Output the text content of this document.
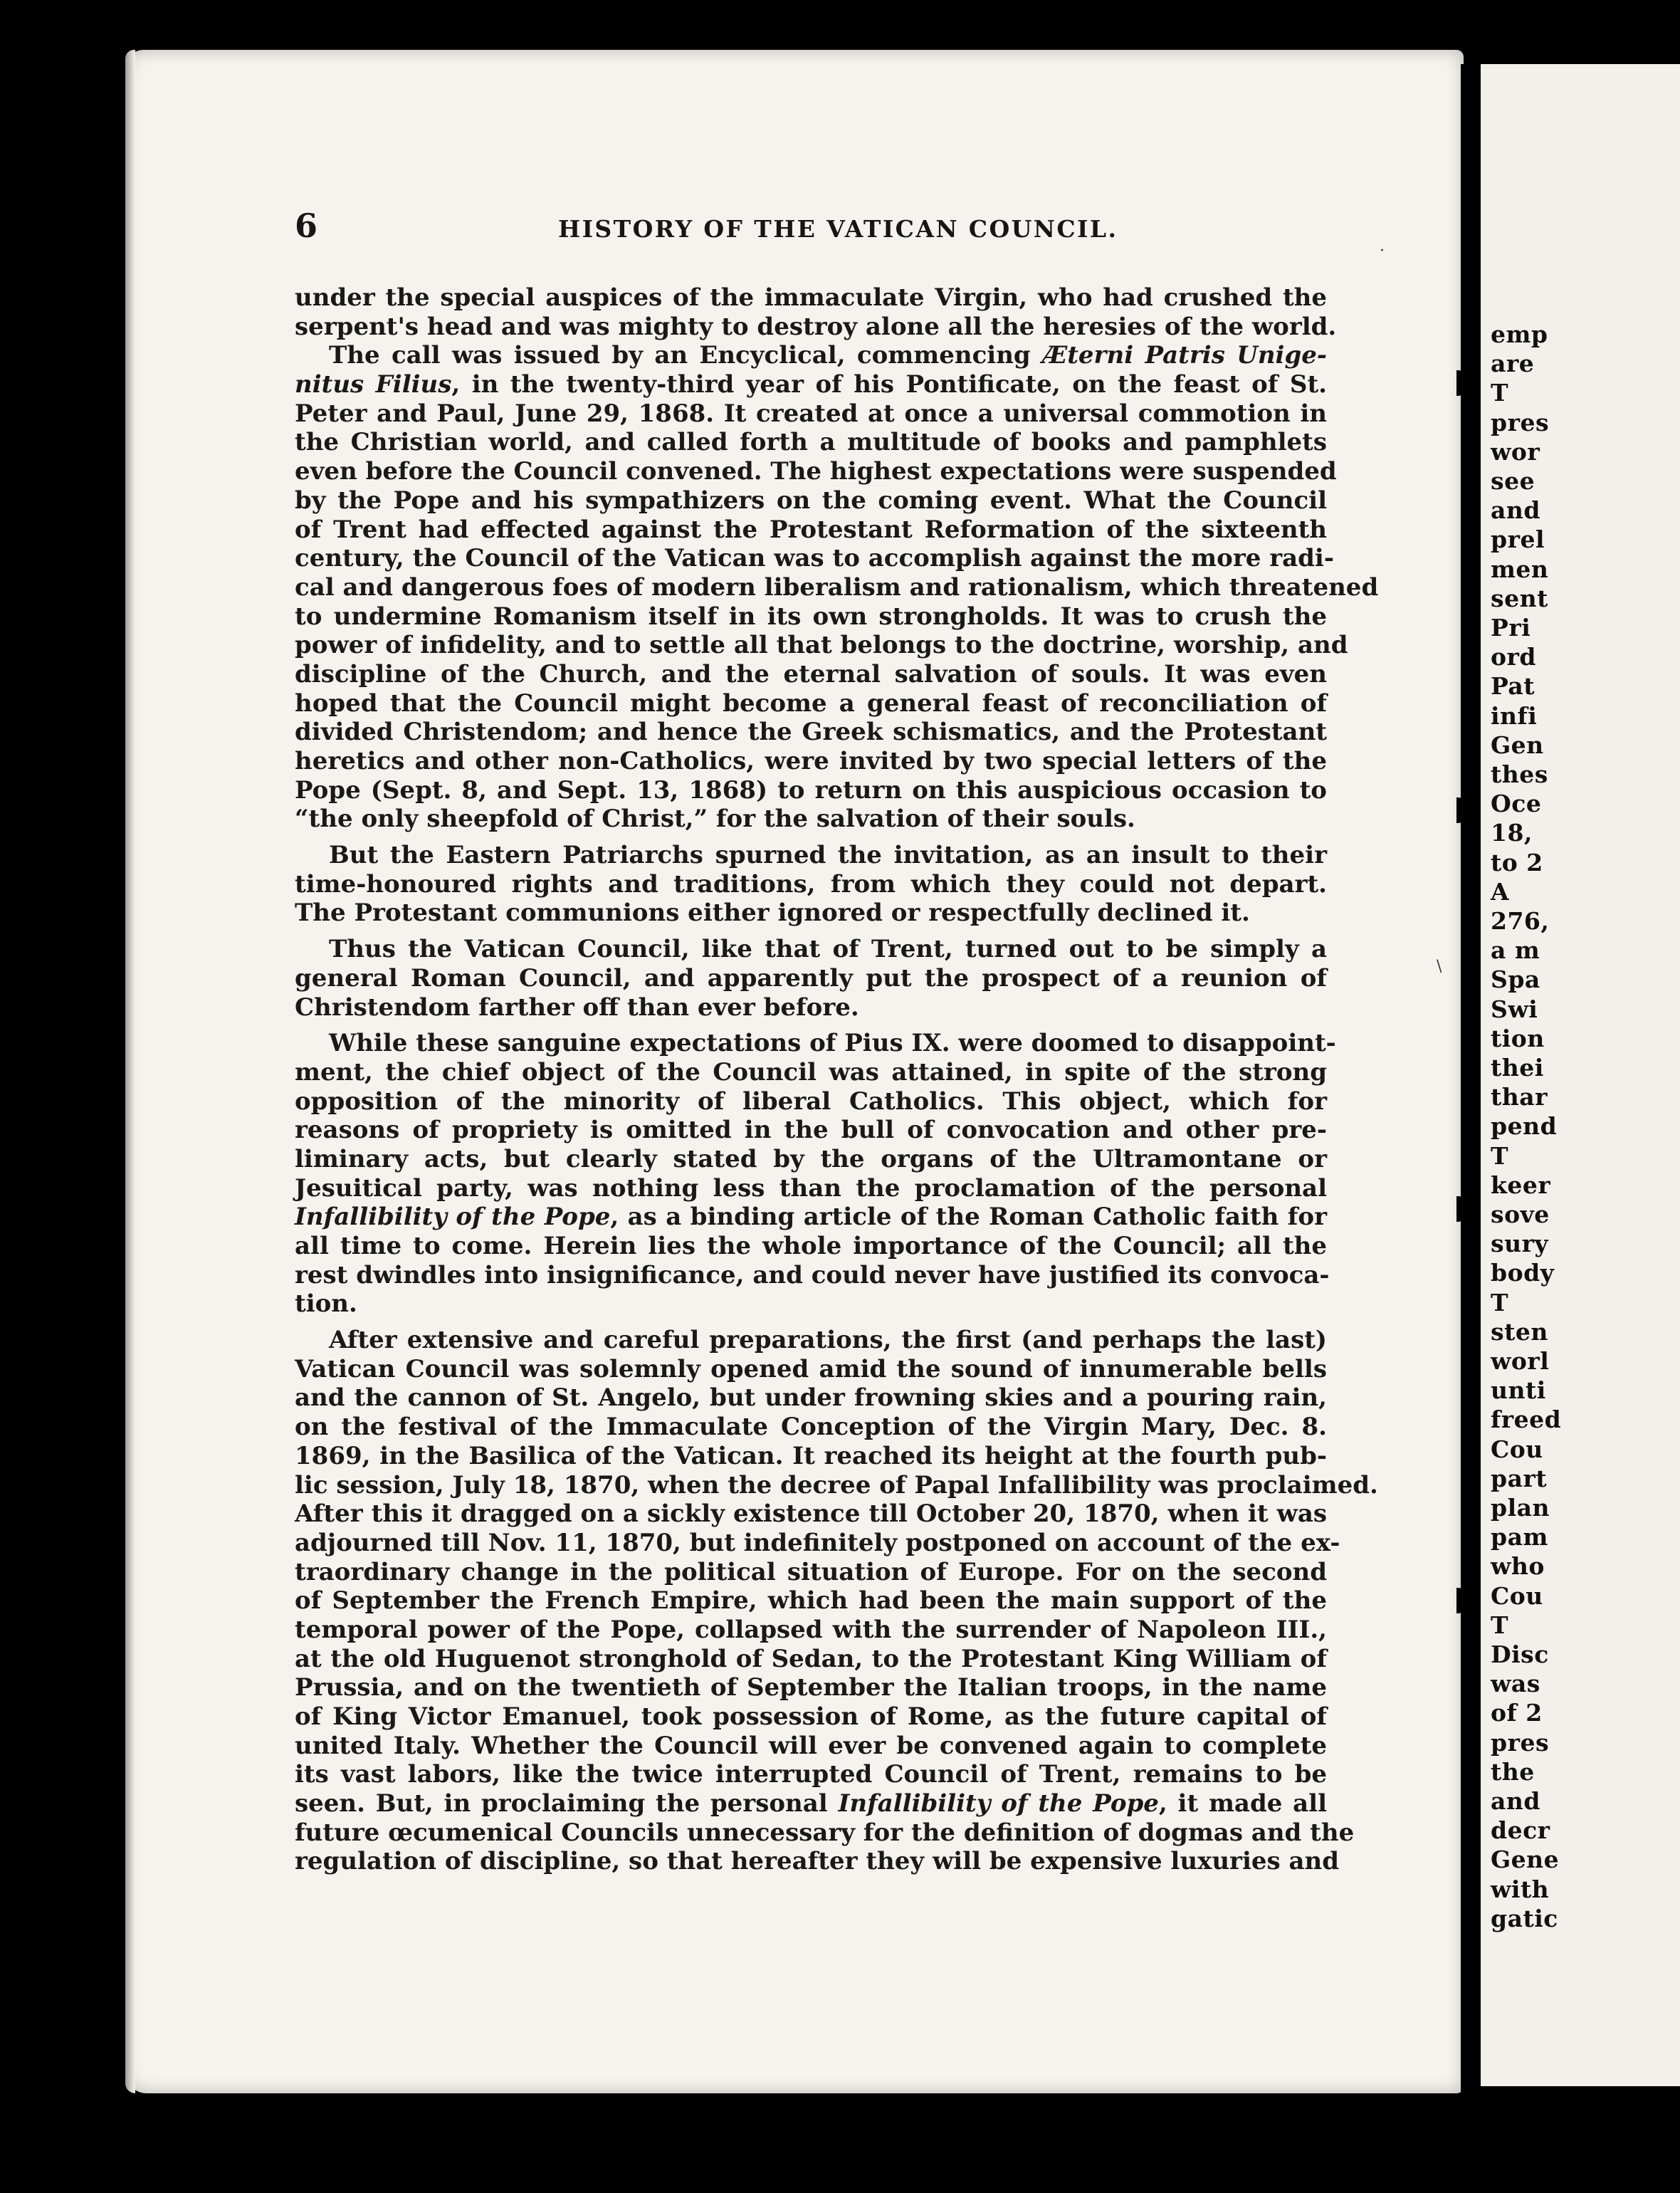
emp
are
T
pres
wor
see
and
prel
men
sent
Pri
ord
Pat
infi
Gen
thes
Oce
18,
to 2
A
276,
a m
Spa
Swi
tion
thei
thar
pend
T
keer
sove
sury
body
T
sten
worl
unti
freed
Cou
part
plan
pam
who
Cou
T
Disc
was
of 2
pres
the
and
decr
Gene
with
gatic
6	HISTORY OF THE VATICAN COUNCIL.
under the special auspices of the immaculate Virgin, who had crushed the
serpent's head and was mighty to destroy alone all the heresies of the world.
The call was issued by an Encyclical, commencing Æterni Patris Unige-
nitus Filius, in the twenty-third year of his Pontificate, on the feast of St.
Peter and Paul, June 29, 1868. It created at once a universal commotion in
the Christian world, and called forth a multitude of books and pamphlets
even before the Council convened. The highest expectations were suspended
by the Pope and his sympathizers on the coming event. What the Council
of Trent had effected against the Protestant Reformation of the sixteenth
century, the Council of the Vatican was to accomplish against the more radi-
cal and dangerous foes of modern liberalism and rationalism, which threatened
to undermine Romanism itself in its own strongholds. It was to crush the
power of infidelity, and to settle all that belongs to the doctrine, worship, and
discipline of the Church, and the eternal salvation of souls. It was even
hoped that the Council might become a general feast of reconciliation of
divided Christendom; and hence the Greek schismatics, and the Protestant
heretics and other non-Catholics, were invited by two special letters of the
Pope (Sept. 8, and Sept. 13, 1868) to return on this auspicious occasion to
“the only sheepfold of Christ,” for the salvation of their souls.
But the Eastern Patriarchs spurned the invitation, as an insult to their
time-honoured rights and traditions, from which they could not depart.
The Protestant communions either ignored or respectfully declined it.
Thus the Vatican Council, like that of Trent, turned out to be simply a
general Roman Council, and apparently put the prospect of a reunion of
Christendom farther off than ever before.
While these sanguine expectations of Pius IX. were doomed to disappoint-
ment, the chief object of the Council was attained, in spite of the strong
opposition of the minority of liberal Catholics. This object, which for
reasons of propriety is omitted in the bull of convocation and other pre-
liminary acts, but clearly stated by the organs of the Ultramontane or
Jesuitical party, was nothing less than the proclamation of the personal
Infallibility of the Pope, as a binding article of the Roman Catholic faith for
all time to come. Herein lies the whole importance of the Council; all the
rest dwindles into insignificance, and could never have justified its convoca-
tion.
After extensive and careful preparations, the first (and perhaps the last)
Vatican Council was solemnly opened amid the sound of innumerable bells
and the cannon of St. Angelo, but under frowning skies and a pouring rain,
on the festival of the Immaculate Conception of the Virgin Mary, Dec. 8.
1869, in the Basilica of the Vatican. It reached its height at the fourth pub-
lic session, July 18, 1870, when the decree of Papal Infallibility was proclaimed.
After this it dragged on a sickly existence till October 20, 1870, when it was
adjourned till Nov. 11, 1870, but indefinitely postponed on account of the ex-
traordinary change in the political situation of Europe. For on the second
of September the French Empire, which had been the main support of the
temporal power of the Pope, collapsed with the surrender of Napoleon III.,
at the old Huguenot stronghold of Sedan, to the Protestant King William of
Prussia, and on the twentieth of September the Italian troops, in the name
of King Victor Emanuel, took possession of Rome, as the future capital of
united Italy. Whether the Council will ever be convened again to complete
its vast labors, like the twice interrupted Council of Trent, remains to be
seen. But, in proclaiming the personal Infallibility of the Pope, it made all
future œcumenical Councils unnecessary for the definition of dogmas and the
regulation of discipline, so that hereafter they will be expensive luxuries and
·
\
